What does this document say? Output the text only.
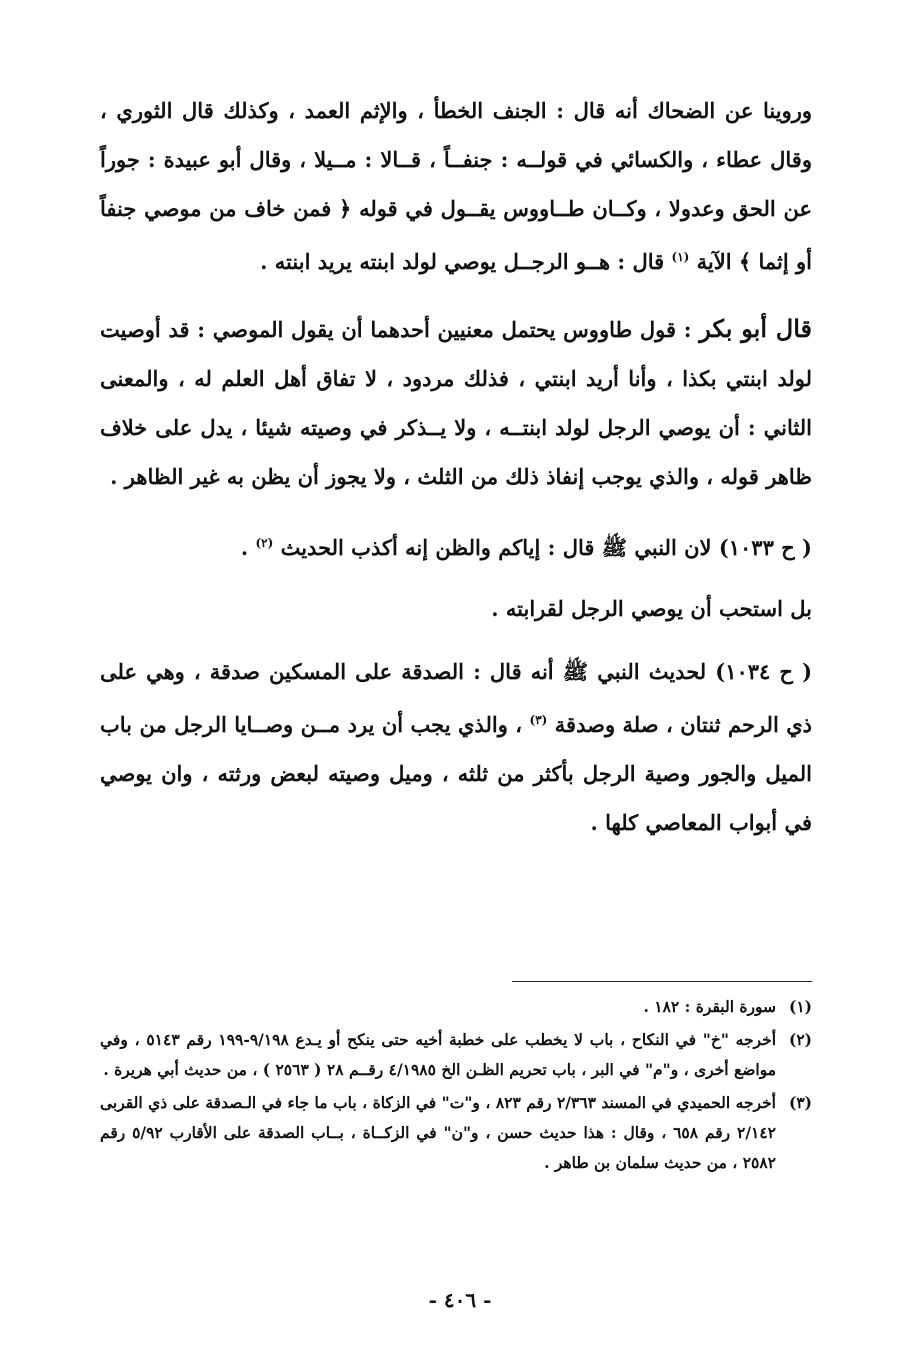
وروينا عن الضحاك أنه قال : الجنف الخطأ ، والإثم العمد ، وكذلك قال الثوري ، وقال عطاء ، والكسائي في قولــه : جنفــاً ، قــالا : مــيلا ، وقال أبو عبيدة : جوراً عن الحق وعدولا ، وكــان طــاووس يقــول في قوله ﴿ فمن خاف من موصي جنفاً أو إثما ﴾ الآية $^{(١)}$ قال : هــو الرجــل يوصي لولد ابنته يريد ابنته .

قال أبو بكر : قول طاووس يحتمل معنيين أحدهما أن يقول الموصي : قد أوصيت لولد ابنتي بكذا ، وأنا أريد ابنتي ، فذلك مردود ، لا تفاق أهل العلم له ، والمعنى الثاني : أن يوصي الرجل لولد ابنتــه ، ولا يــذكر في وصيته شيئا ، يدل على خلاف ظاهر قوله ، والذي يوجب إنفاذ ذلك من الثلث ، ولا يجوز أن يظن به غير الظاهر .

( ح ١٠٣٣) لان النبي ﷺ قال : إياكم والظن إنه أكذب الحديث $^{(٢)}$ .

بل استحب أن يوصي الرجل لقرابته .

( ح ١٠٣٤) لحديث النبي ﷺ أنه قال : الصدقة على المسكين صدقة ، وهي على ذي الرحم ثنتان ، صلة وصدقة $^{(٣)}$ ، والذي يجب أن يرد مــن وصــايا الرجل من باب الميل والجور وصية الرجل بأكثر من ثلثه ، وميل وصيته لبعض ورثته ، وان يوصي في أبواب المعاصي كلها .

(١)
سورة البقرة : ١٨٢ .
(٢)
أخرجه "خ" في النكاح ، باب لا يخطب على خطبة أخيه حتى ينكح أو يـدع ٩/١٩٨-١٩٩ رقم ٥١٤٣ ، وفي مواضع أخرى ، و"م" في البر ، باب تحريم الظـن الخ ٤/١٩٨٥ رقــم ٢٨ ( ٢٥٦٣ ) ، من حديث أبي هريرة .
(٣)
أخرجه الحميدي في المسند ٢/٣٦٣ رقم ٨٢٣ ، و"ت" في الزكاة ، باب ما جاء في الـصدقة على ذي القربى ٢/١٤٢ رقم ٦٥٨ ، وقال : هذا حديث حسن ، و"ن" في الزكــاة ، بــاب الصدقة على الأقارب ٥/٩٢ رقم ٢٥٨٢ ، من حديث سلمان بن طاهر .
- ٤٠٦ -
